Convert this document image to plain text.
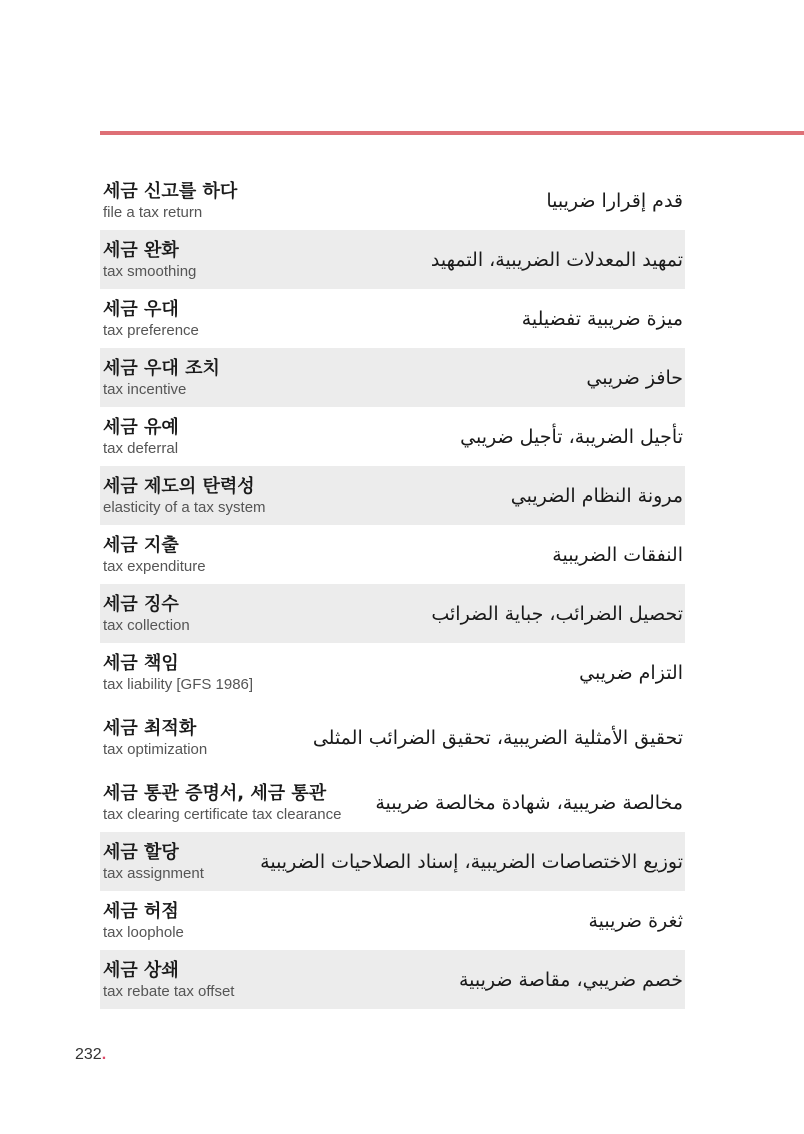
세금 신고를 하다
file a tax return
قدم إقرارا ضريبيا
세금 완화
tax smoothing
تمهيد المعدلات الضريبية، التمهيد
세금 우대
tax preference
ميزة ضريبية تفضيلية
세금 우대 조치
tax incentive
حافز ضريبي
세금 유예
tax deferral
تأجيل الضريبة، تأجيل ضريبي
세금 제도의 탄력성
elasticity of a tax system
مرونة النظام الضريبي
세금 지출
tax expenditure
النفقات الضريبية
세금 징수
tax collection
تحصيل الضرائب، جباية الضرائب
세금 책임
tax liability [GFS 1986]
التزام ضريبي
세금 최적화
tax optimization
تحقيق الأمثلية الضريبية، تحقيق الضرائب المثلى
세금 통관 증명서, 세금 통관
tax clearing certificate tax clearance
مخالصة ضريبية، شهادة مخالصة ضريبية
세금 할당
tax assignment
توزيع الاختصاصات الضريبية، إسناد الصلاحيات الضريبية
세금 허점
tax loophole
ثغرة ضريبية
세금 상쇄
tax rebate tax offset
خصم ضريبي، مقاصة ضريبية
232.
